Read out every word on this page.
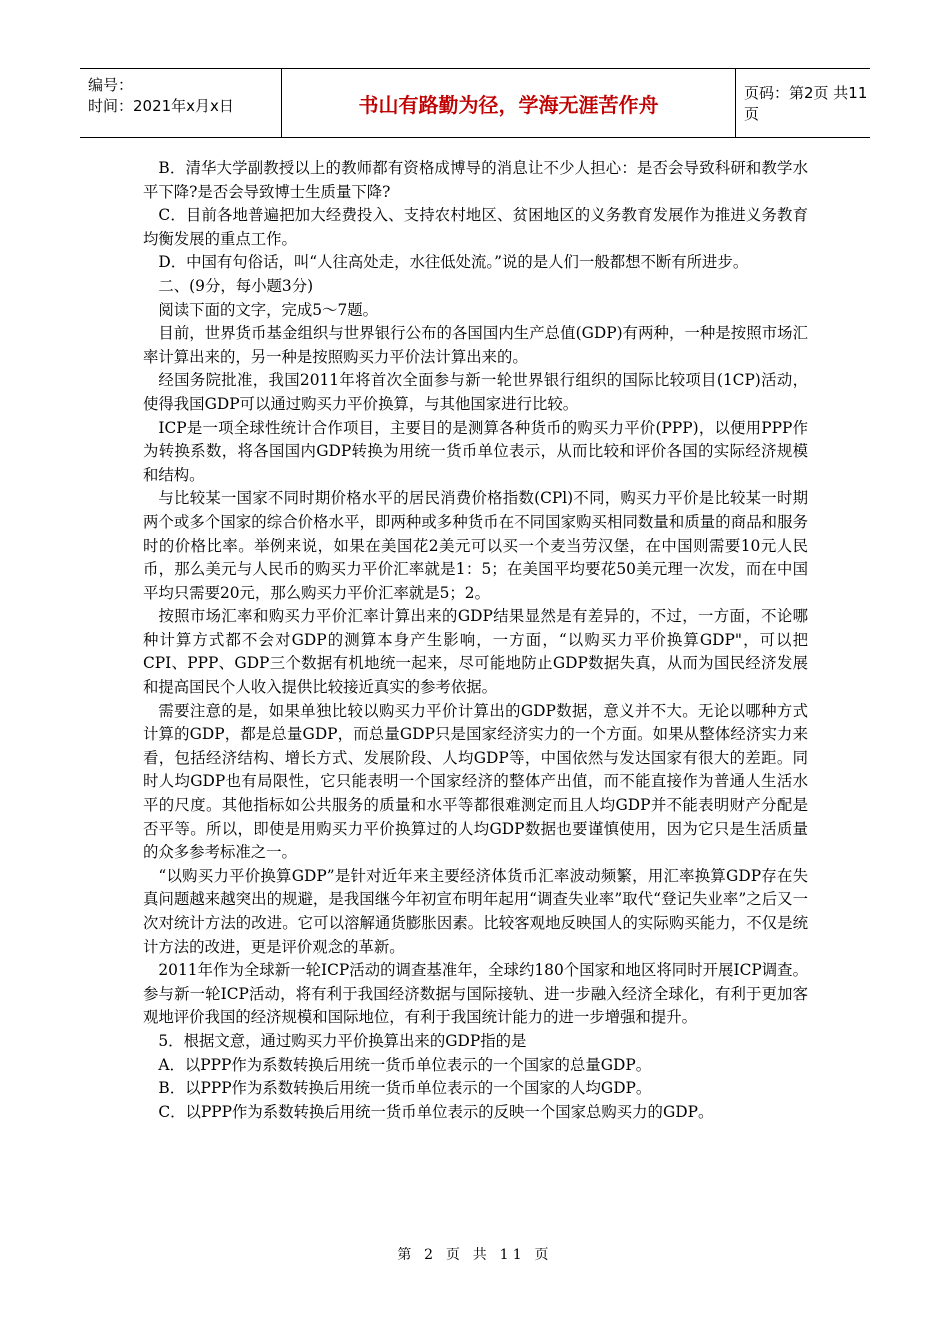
编号：
时间：2021年x月x日	书山有路勤为径，学海无涯苦作舟	页码：第2页 共11页

B．清华大学副教授以上的教师都有资格成博导的消息让不少人担心：是否会导致科研和教学水平下降?是否会导致博士生质量下降?

C．目前各地普遍把加大经费投入、支持农村地区、贫困地区的义务教育发展作为推进义务教育均衡发展的重点工作。

D．中国有句俗话，叫“人往高处走，水往低处流。”说的是人们一般都想不断有所进步。

二、(9分，每小题3分)

阅读下面的文字，完成5～7题。

目前，世界货币基金组织与世界银行公布的各国国内生产总值(GDP)有两种，一种是按照市场汇率计算出来的，另一种是按照购买力平价法计算出来的。

经国务院批准，我国2011年将首次全面参与新一轮世界银行组织的国际比较项目(1CP)活动，使得我国GDP可以通过购买力平价换算，与其他国家进行比较。

ICP是一项全球性统计合作项目，主要目的是测算各种货币的购买力平价(PPP)，以便用PPP作为转换系数，将各国国内GDP转换为用统一货币单位表示，从而比较和评价各国的实际经济规模和结构。

与比较某一国家不同时期价格水平的居民消费价格指数(CPl)不同，购买力平价是比较某一时期两个或多个国家的综合价格水平，即两种或多种货币在不同国家购买相同数量和质量的商品和服务时的价格比率。举例来说，如果在美国花2美元可以买一个麦当劳汉堡，在中国则需要10元人民币，那么美元与人民币的购买力平价汇率就是1：5；在美国平均要花50美元理一次发，而在中国平均只需要20元，那么购买力平价汇率就是5；2。

按照市场汇率和购买力平价汇率计算出来的GDP结果显然是有差异的，不过，一方面，不论哪种计算方式都不会对GDP的测算本身产生影响，一方面，“以购买力平价换算GDP"，可以把CPI、PPP、GDP三个数据有机地统一起来，尽可能地防止GDP数据失真，从而为国民经济发展和提高国民个人收入提供比较接近真实的参考依据。

需要注意的是，如果单独比较以购买力平价计算出的GDP数据，意义并不大。无论以哪种方式计算的GDP，都是总量GDP，而总量GDP只是国家经济实力的一个方面。如果从整体经济实力来看，包括经济结构、增长方式、发展阶段、人均GDP等，中国依然与发达国家有很大的差距。同时人均GDP也有局限性，它只能表明一个国家经济的整体产出值，而不能直接作为普通人生活水平的尺度。其他指标如公共服务的质量和水平等都很难测定而且人均GDP并不能表明财产分配是否平等。所以，即使是用购买力平价换算过的人均GDP数据也要谨慎使用，因为它只是生活质量的众多参考标准之一。

“以购买力平价换算GDP”是针对近年来主要经济体货币汇率波动频繁，用汇率换算GDP存在失真问题越来越突出的规避，是我国继今年初宣布明年起用“调查失业率”取代“登记失业率”之后又一次对统计方法的改进。它可以溶解通货膨胀因素。比较客观地反映国人的实际购买能力，不仅是统计方法的改进，更是评价观念的革新。

2011年作为全球新一轮ICP活动的调查基准年，全球约180个国家和地区将同时开展ICP调查。参与新一轮ICP活动，将有利于我国经济数据与国际接轨、进一步融入经济全球化，有利于更加客观地评价我国的经济规模和国际地位，有利于我国统计能力的进一步增强和提升。

5．根据文意，通过购买力平价换算出来的GDP指的是

A．以PPP作为系数转换后用统一货币单位表示的一个国家的总量GDP。

B．以PPP作为系数转换后用统一货币单位表示的一个国家的人均GDP。

C．以PPP作为系数转换后用统一货币单位表示的反映一个国家总购买力的GDP。

第 2 页 共 11 页
